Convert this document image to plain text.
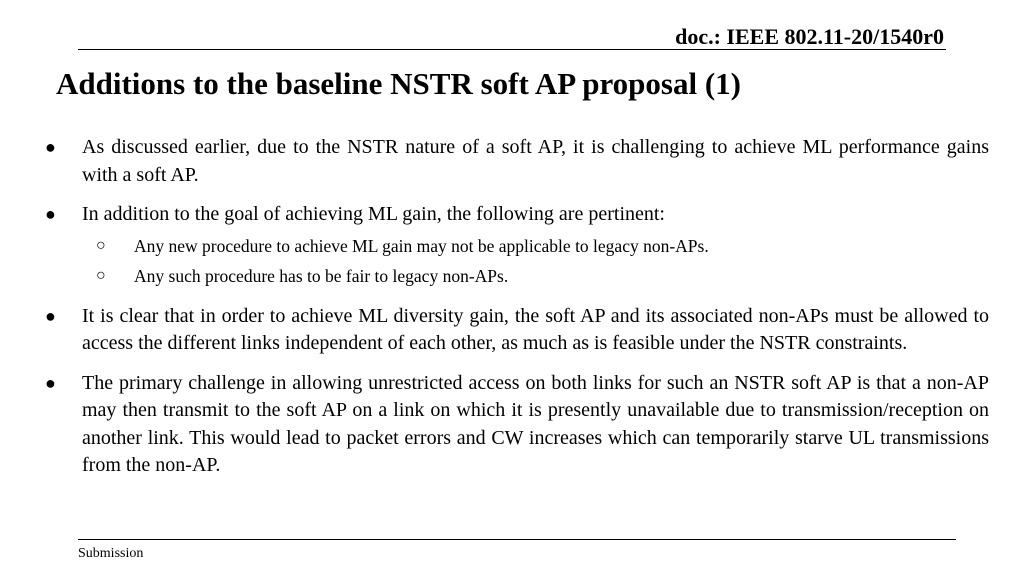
doc.: IEEE 802.11-20/1540r0
Additions to the baseline NSTR soft AP proposal (1)
●	As discussed earlier, due to the NSTR nature of a soft AP, it is challenging to achieve ML performance gains with a soft AP.
●	In addition to the goal of achieving ML gain, the following are pertinent:
○	Any new procedure to achieve ML gain may not be applicable to legacy non-APs.
○	Any such procedure has to be fair to legacy non-APs.
●	It is clear that in order to achieve ML diversity gain, the soft AP and its associated non-APs must be allowed to access the different links independent of each other, as much as is feasible under the NSTR constraints.
●	The primary challenge in allowing unrestricted access on both links for such an NSTR soft AP is that a non-AP may then transmit to the soft AP on a link on which it is presently unavailable due to transmission/reception on another link. This would lead to packet errors and CW increases which can temporarily starve UL transmissions from the non-AP.
Submission
